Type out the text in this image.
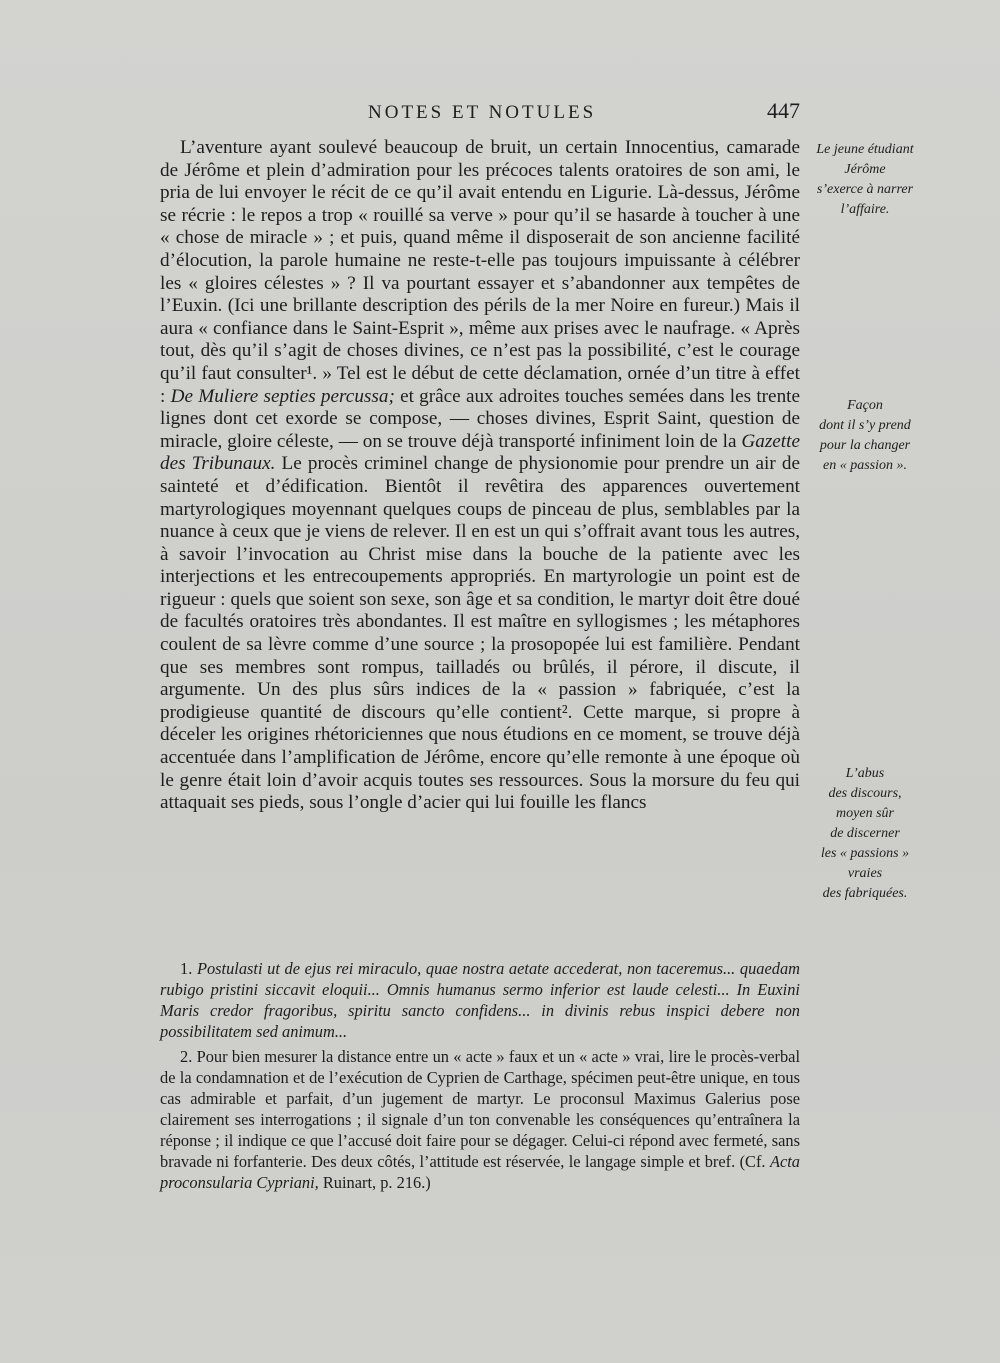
NOTES ET NOTULES	447

L’aventure ayant soulevé beaucoup de bruit, un certain Innocentius, camarade de Jérôme et plein d’admiration pour les précoces talents oratoires de son ami, le pria de lui envoyer le récit de ce qu’il avait entendu en Ligurie. Là-dessus, Jérôme se récrie : le repos a trop « rouillé sa verve » pour qu’il se hasarde à toucher à une « chose de miracle » ; et puis, quand même il disposerait de son ancienne facilité d’élocution, la parole humaine ne reste-t-elle pas toujours impuissante à célébrer les « gloires célestes » ? Il va pourtant essayer et s’abandonner aux tempêtes de l’Euxin. (Ici une brillante description des périls de la mer Noire en fureur.) Mais il aura « confiance dans le Saint-Esprit », même aux prises avec le naufrage. « Après tout, dès qu’il s’agit de choses divines, ce n’est pas la possibilité, c’est le courage qu’il faut consulter¹. » Tel est le début de cette déclamation, ornée d’un titre à effet : De Muliere septies percussa; et grâce aux adroites touches semées dans les trente lignes dont cet exorde se compose, — choses divines, Esprit Saint, question de miracle, gloire céleste, — on se trouve déjà transporté infiniment loin de la Gazette des Tribunaux. Le procès criminel change de physionomie pour prendre un air de sainteté et d’édification. Bientôt il revêtira des apparences ouvertement martyrologiques moyennant quelques coups de pinceau de plus, semblables par la nuance à ceux que je viens de relever. Il en est un qui s’offrait avant tous les autres, à savoir l’invocation au Christ mise dans la bouche de la patiente avec les interjections et les entrecoupements appropriés. En martyrologie un point est de rigueur : quels que soient son sexe, son âge et sa condition, le martyr doit être doué de facultés oratoires très abondantes. Il est maître en syllogismes ; les métaphores coulent de sa lèvre comme d’une source ; la prosopopée lui est familière. Pendant que ses membres sont rompus, tailladés ou brûlés, il pérore, il discute, il argumente. Un des plus sûrs indices de la « passion » fabriquée, c’est la prodigieuse quantité de discours qu’elle contient². Cette marque, si propre à déceler les origines rhétoriciennes que nous étudions en ce moment, se trouve déjà accentuée dans l’amplification de Jérôme, encore qu’elle remonte à une époque où le genre était loin d’avoir acquis toutes ses ressources. Sous la morsure du feu qui attaquait ses pieds, sous l’ongle d’acier qui lui fouille les flancs

Le jeune étudiant
Jérôme
s’exerce à narrer
l’affaire.
Façon
dont il s’y prend
pour la changer
en « passion ».
L’abus
des discours,
moyen sûr
de discerner
les « passions »
vraies
des fabriquées.

1. Postulasti ut de ejus rei miraculo, quae nostra aetate accederat, non taceremus... quaedam rubigo pristini siccavit eloquii... Omnis humanus sermo inferior est laude celesti... In Euxini Maris credor fragoribus, spiritu sancto confidens... in divinis rebus inspici debere non possibilitatem sed animum...

2. Pour bien mesurer la distance entre un « acte » faux et un « acte » vrai, lire le procès-verbal de la condamnation et de l’exécution de Cyprien de Carthage, spécimen peut-être unique, en tous cas admirable et parfait, d’un jugement de martyr. Le proconsul Maximus Galerius pose clairement ses interrogations ; il signale d’un ton convenable les conséquences qu’entraînera la réponse ; il indique ce que l’accusé doit faire pour se dégager. Celui-ci répond avec fermeté, sans bravade ni forfanterie. Des deux côtés, l’attitude est réservée, le langage simple et bref. (Cf. Acta proconsularia Cypriani, Ruinart, p. 216.)
